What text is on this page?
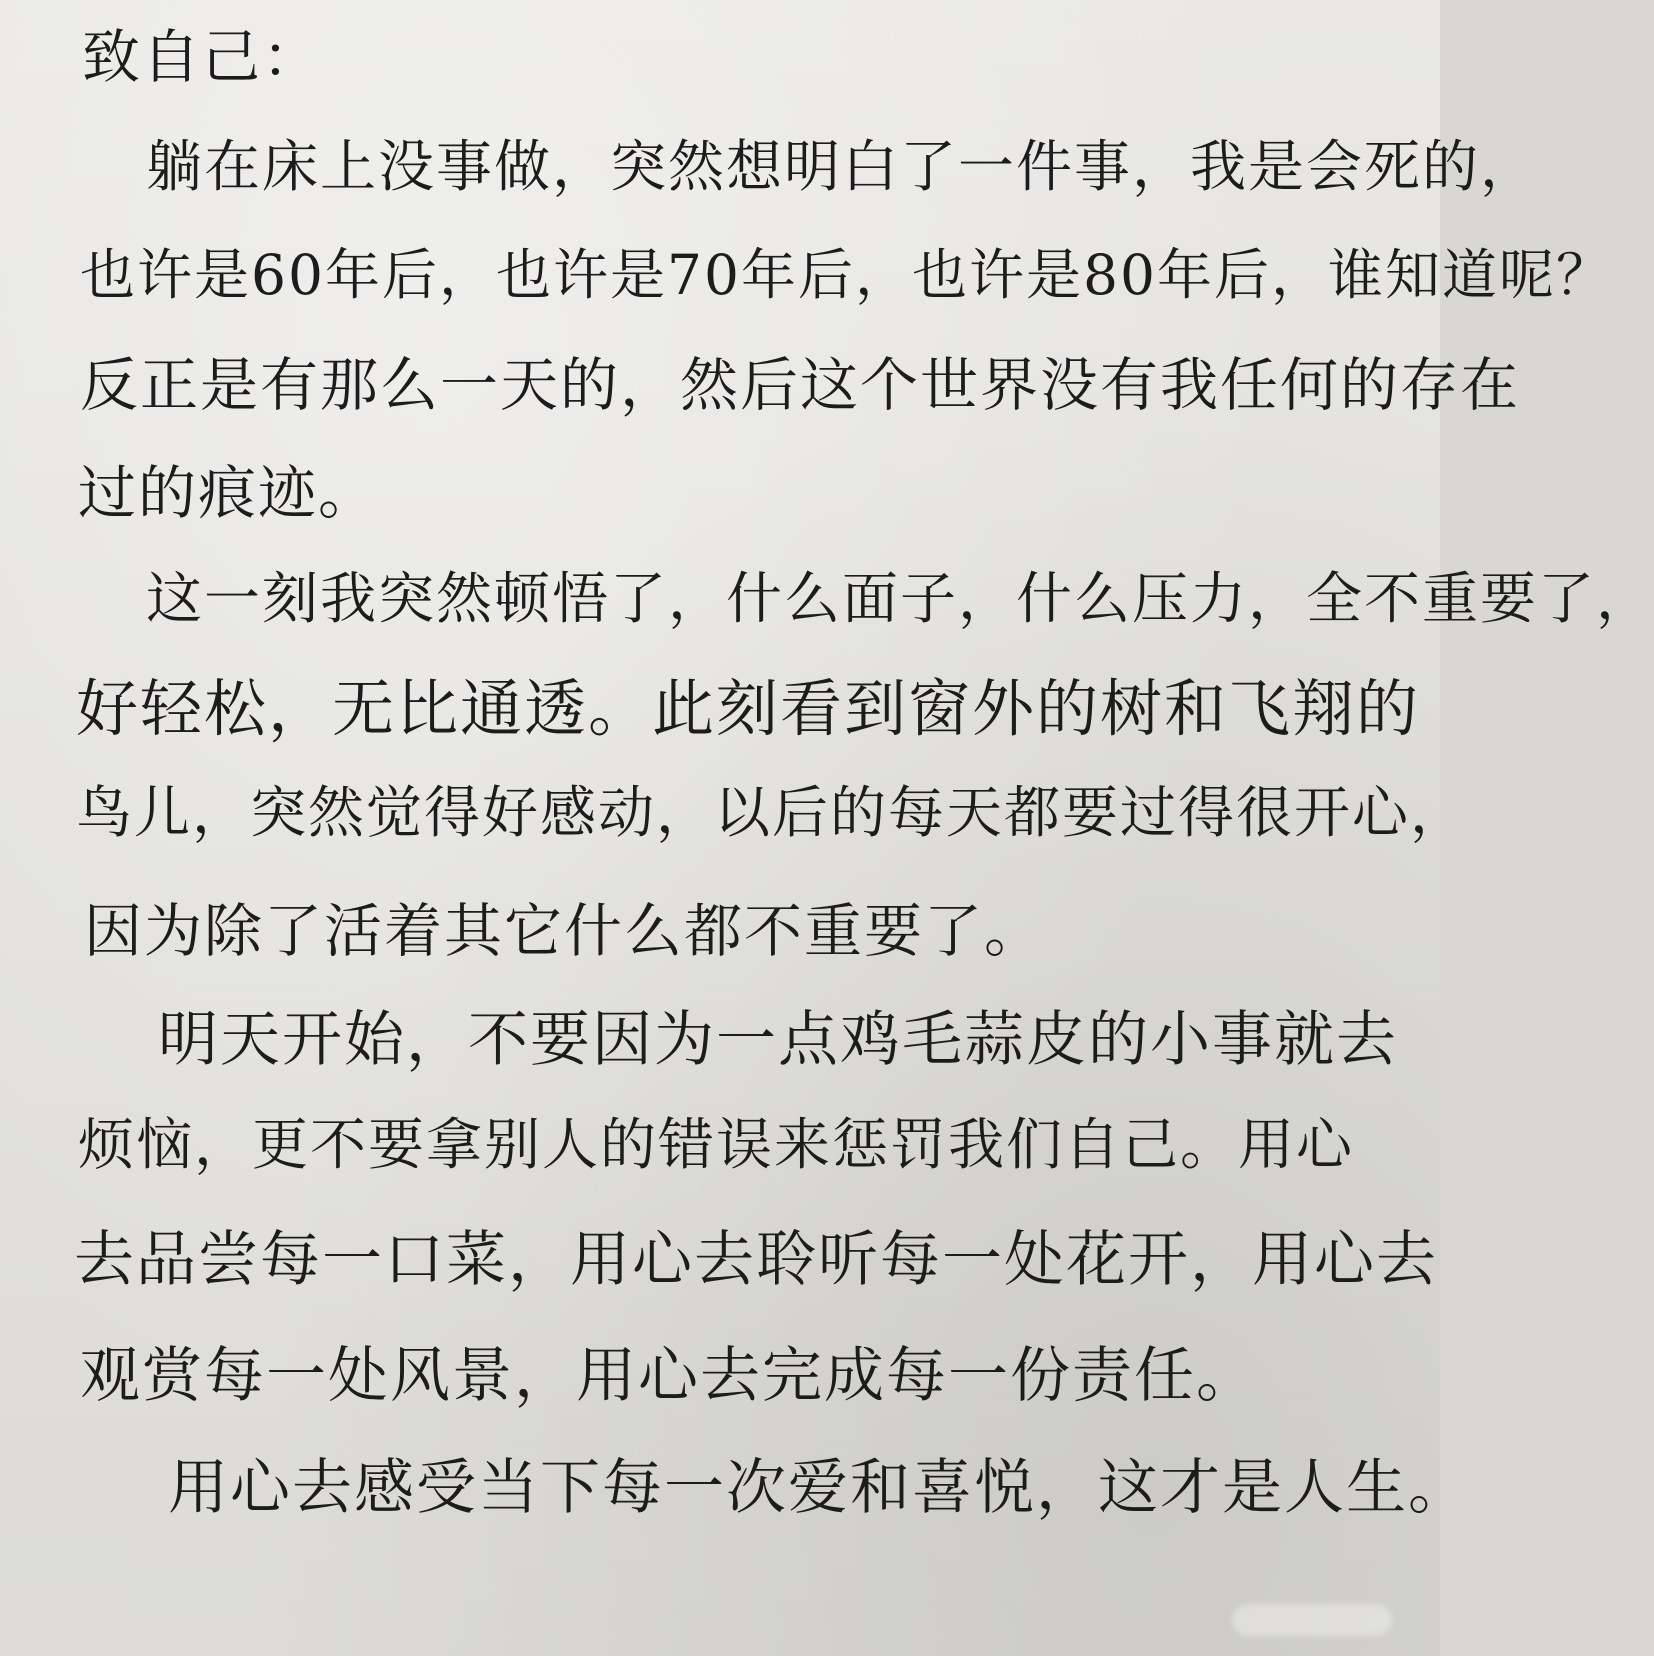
致自己：
躺在床上没事做，突然想明白了一件事，我是会死的，
也许是60年后，也许是70年后，也许是80年后，谁知道呢？
反正是有那么一天的，然后这个世界没有我任何的存在
过的痕迹。
这一刻我突然顿悟了，什么面子，什么压力，全不重要了，
好轻松，无比通透。此刻看到窗外的树和飞翔的
鸟儿，突然觉得好感动，以后的每天都要过得很开心，
因为除了活着其它什么都不重要了。
明天开始，不要因为一点鸡毛蒜皮的小事就去
烦恼，更不要拿别人的错误来惩罚我们自己。用心
去品尝每一口菜，用心去聆听每一处花开，用心去
观赏每一处风景，用心去完成每一份责任。
用心去感受当下每一次爱和喜悦，这才是人生。
